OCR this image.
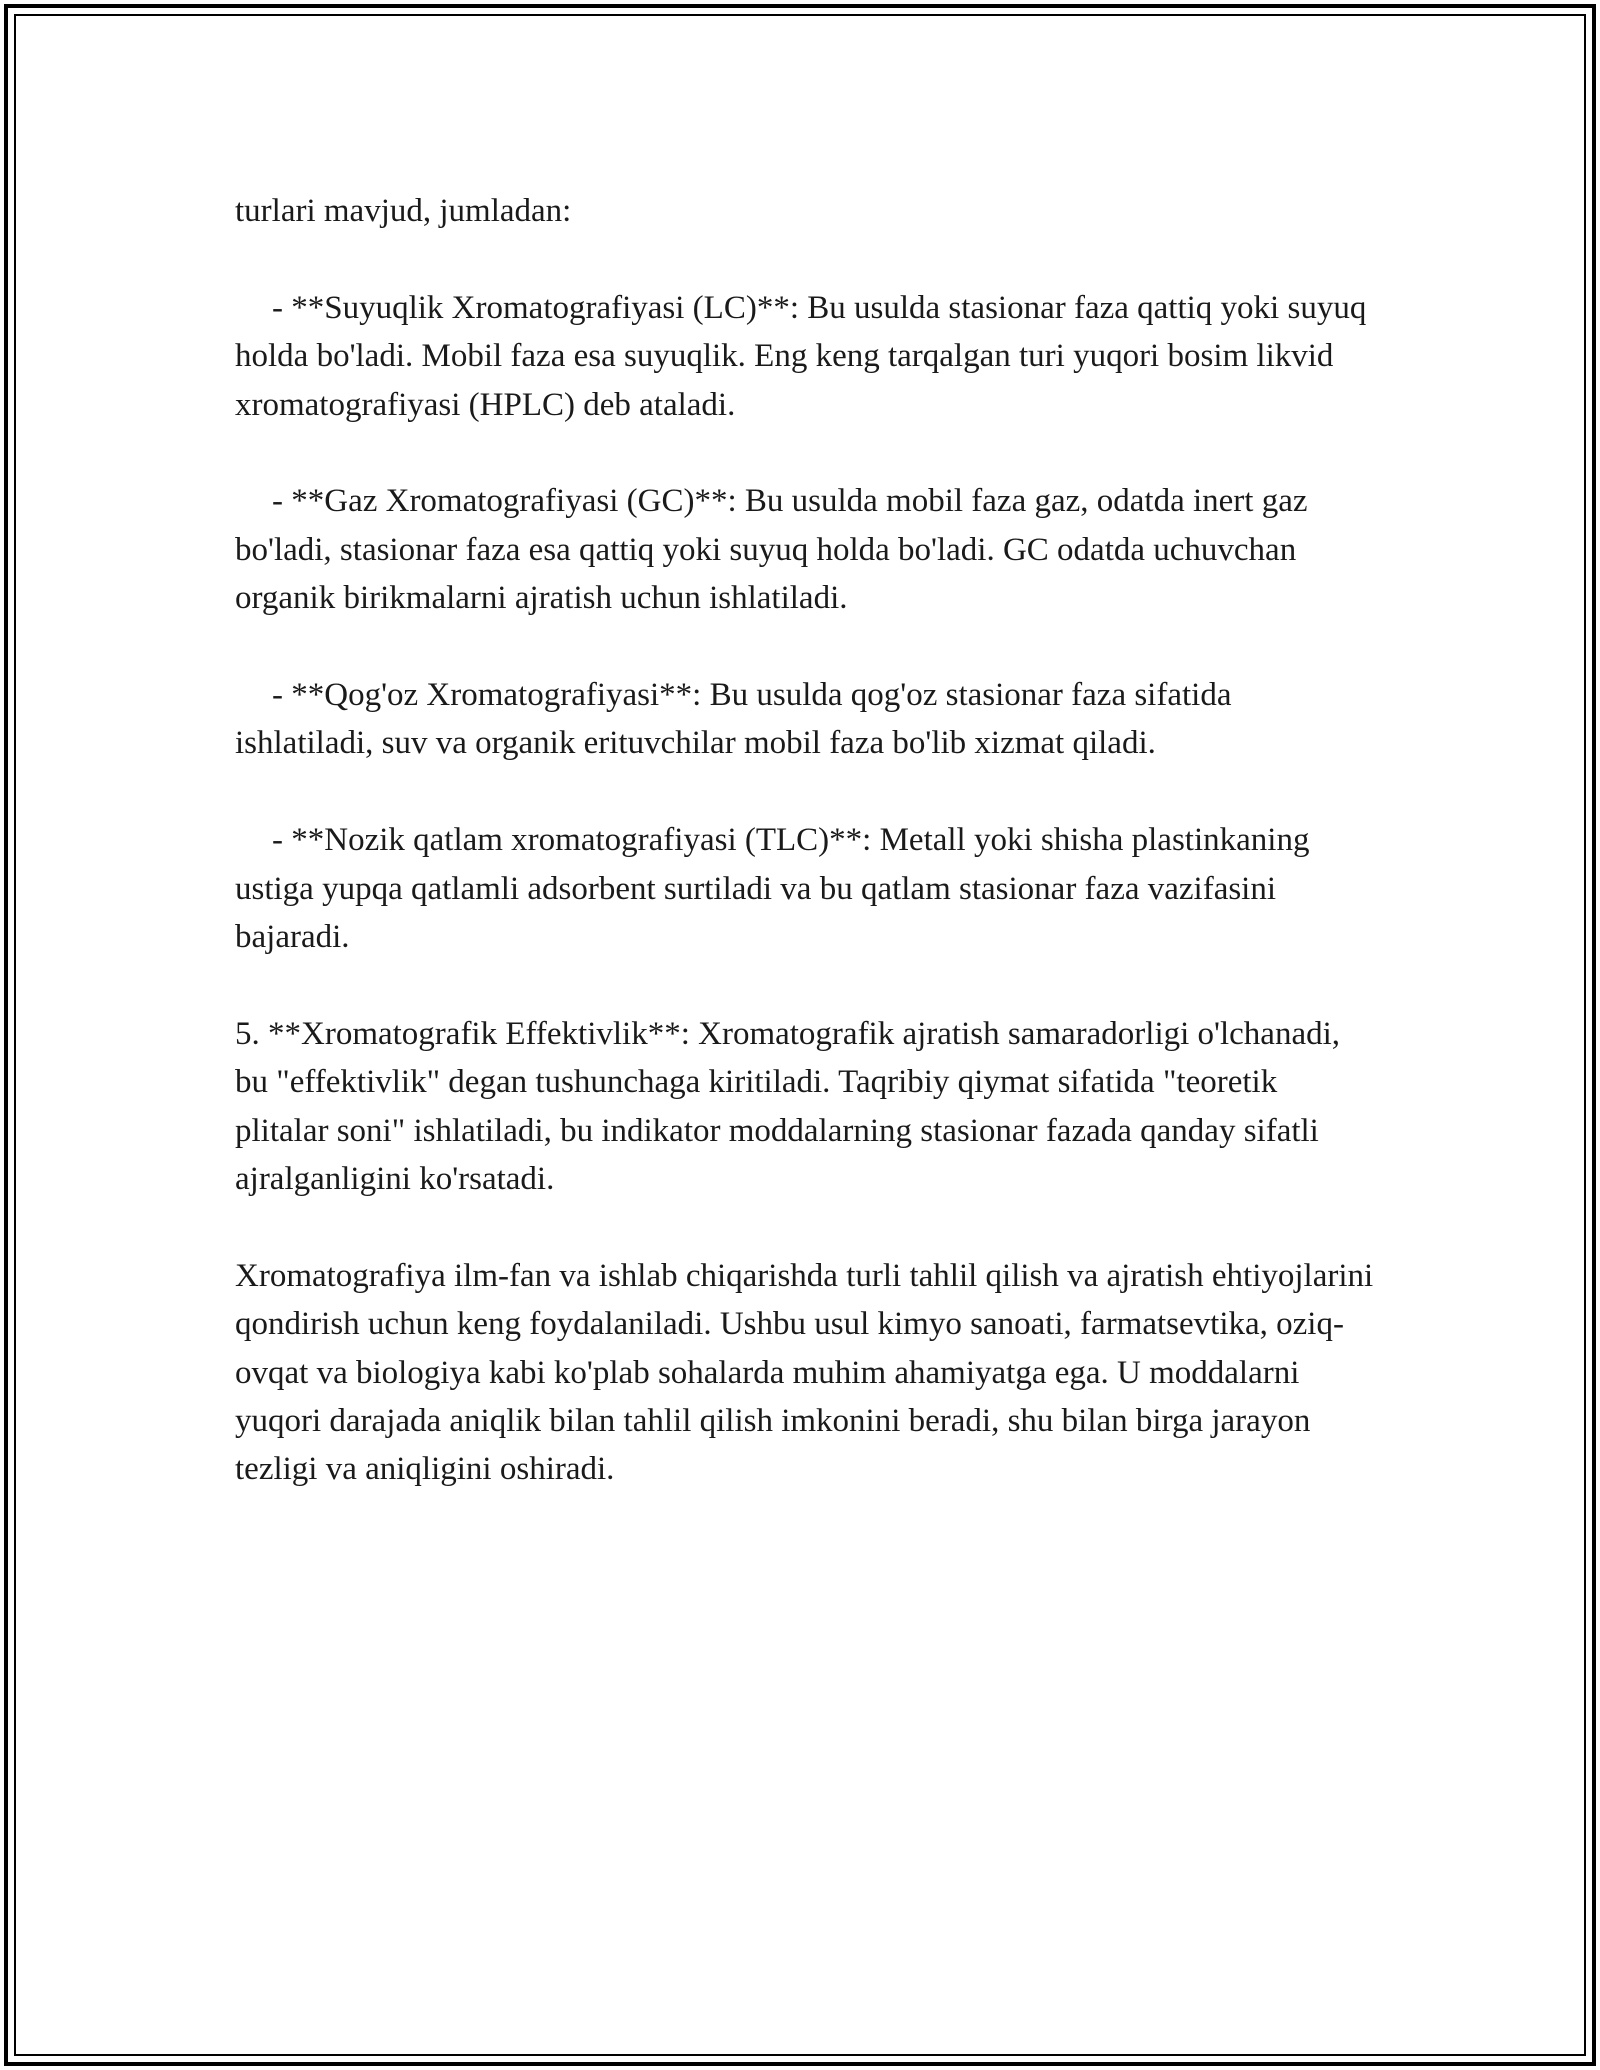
turlari mavjud, jumladan:

- **Suyuqlik Xromatografiyasi (LC)**: Bu usulda stasionar faza qattiq yoki suyuq holda bo'ladi. Mobil faza esa suyuqlik. Eng keng tarqalgan turi yuqori bosim likvid xromatografiyasi (HPLC) deb ataladi.

- **Gaz Xromatografiyasi (GC)**: Bu usulda mobil faza gaz, odatda inert gaz bo'ladi, stasionar faza esa qattiq yoki suyuq holda bo'ladi. GC odatda uchuvchan organik birikmalarni ajratish uchun ishlatiladi.

- **Qog'oz Xromatografiyasi**: Bu usulda qog'oz stasionar faza sifatida ishlatiladi, suv va organik erituvchilar mobil faza bo'lib xizmat qiladi.

- **Nozik qatlam xromatografiyasi (TLC)**: Metall yoki shisha plastinkaning ustiga yupqa qatlamli adsorbent surtiladi va bu qatlam stasionar faza vazifasini bajaradi.

5. **Xromatografik Effektivlik**: Xromatografik ajratish samaradorligi o'lchanadi, bu "effektivlik" degan tushunchaga kiritiladi. Taqribiy qiymat sifatida "teoretik plitalar soni" ishlatiladi, bu indikator moddalarning stasionar fazada qanday sifatli ajralganligini ko'rsatadi.

Xromatografiya ilm-fan va ishlab chiqarishda turli tahlil qilish va ajratish ehtiyojlarini qondirish uchun keng foydalaniladi. Ushbu usul kimyo sanoati, farmatsevtika, oziq-ovqat va biologiya kabi ko'plab sohalarda muhim ahamiyatga ega. U moddalarni yuqori darajada aniqlik bilan tahlil qilish imkonini beradi, shu bilan birga jarayon tezligi va aniqligini oshiradi.
